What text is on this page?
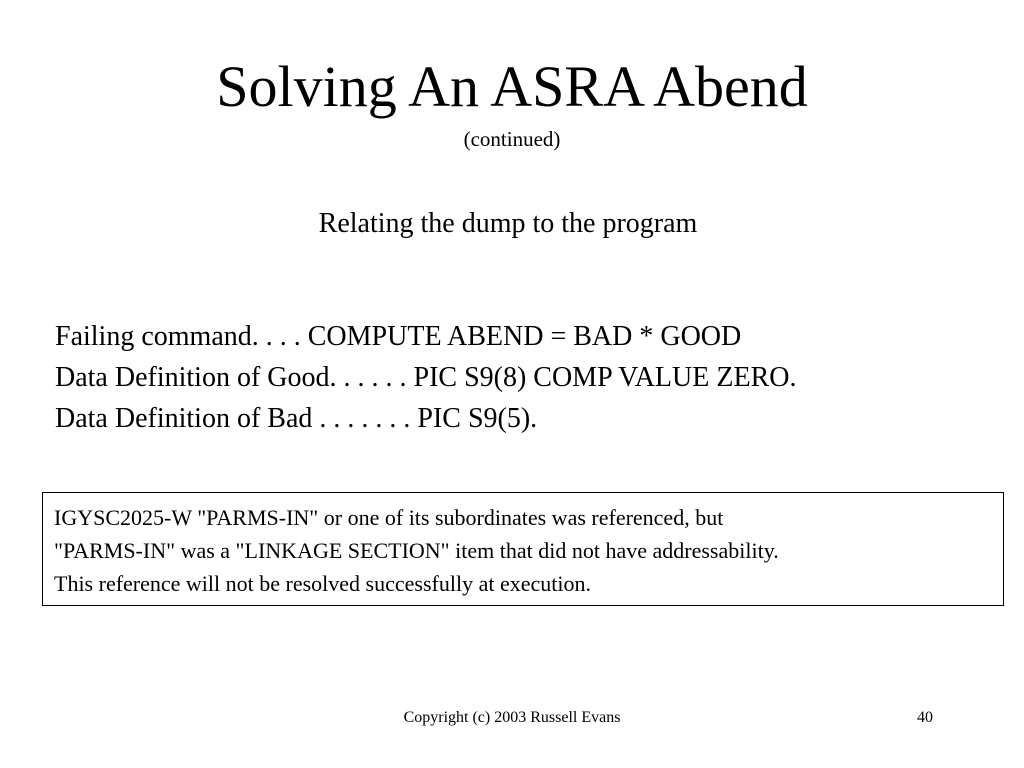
Solving An ASRA Abend
(continued)
Relating the dump to the program
Failing command. . . . COMPUTE ABEND = BAD * GOOD
Data Definition of Good. . . . . . PIC S9(8) COMP VALUE ZERO.
Data Definition of Bad . . . . . . . PIC S9(5).
IGYSC2025-W "PARMS-IN" or one of its subordinates was referenced, but
"PARMS-IN" was a "LINKAGE SECTION" item that did not have addressability.
This reference will not be resolved successfully at execution.
Copyright (c) 2003 Russell Evans	40
